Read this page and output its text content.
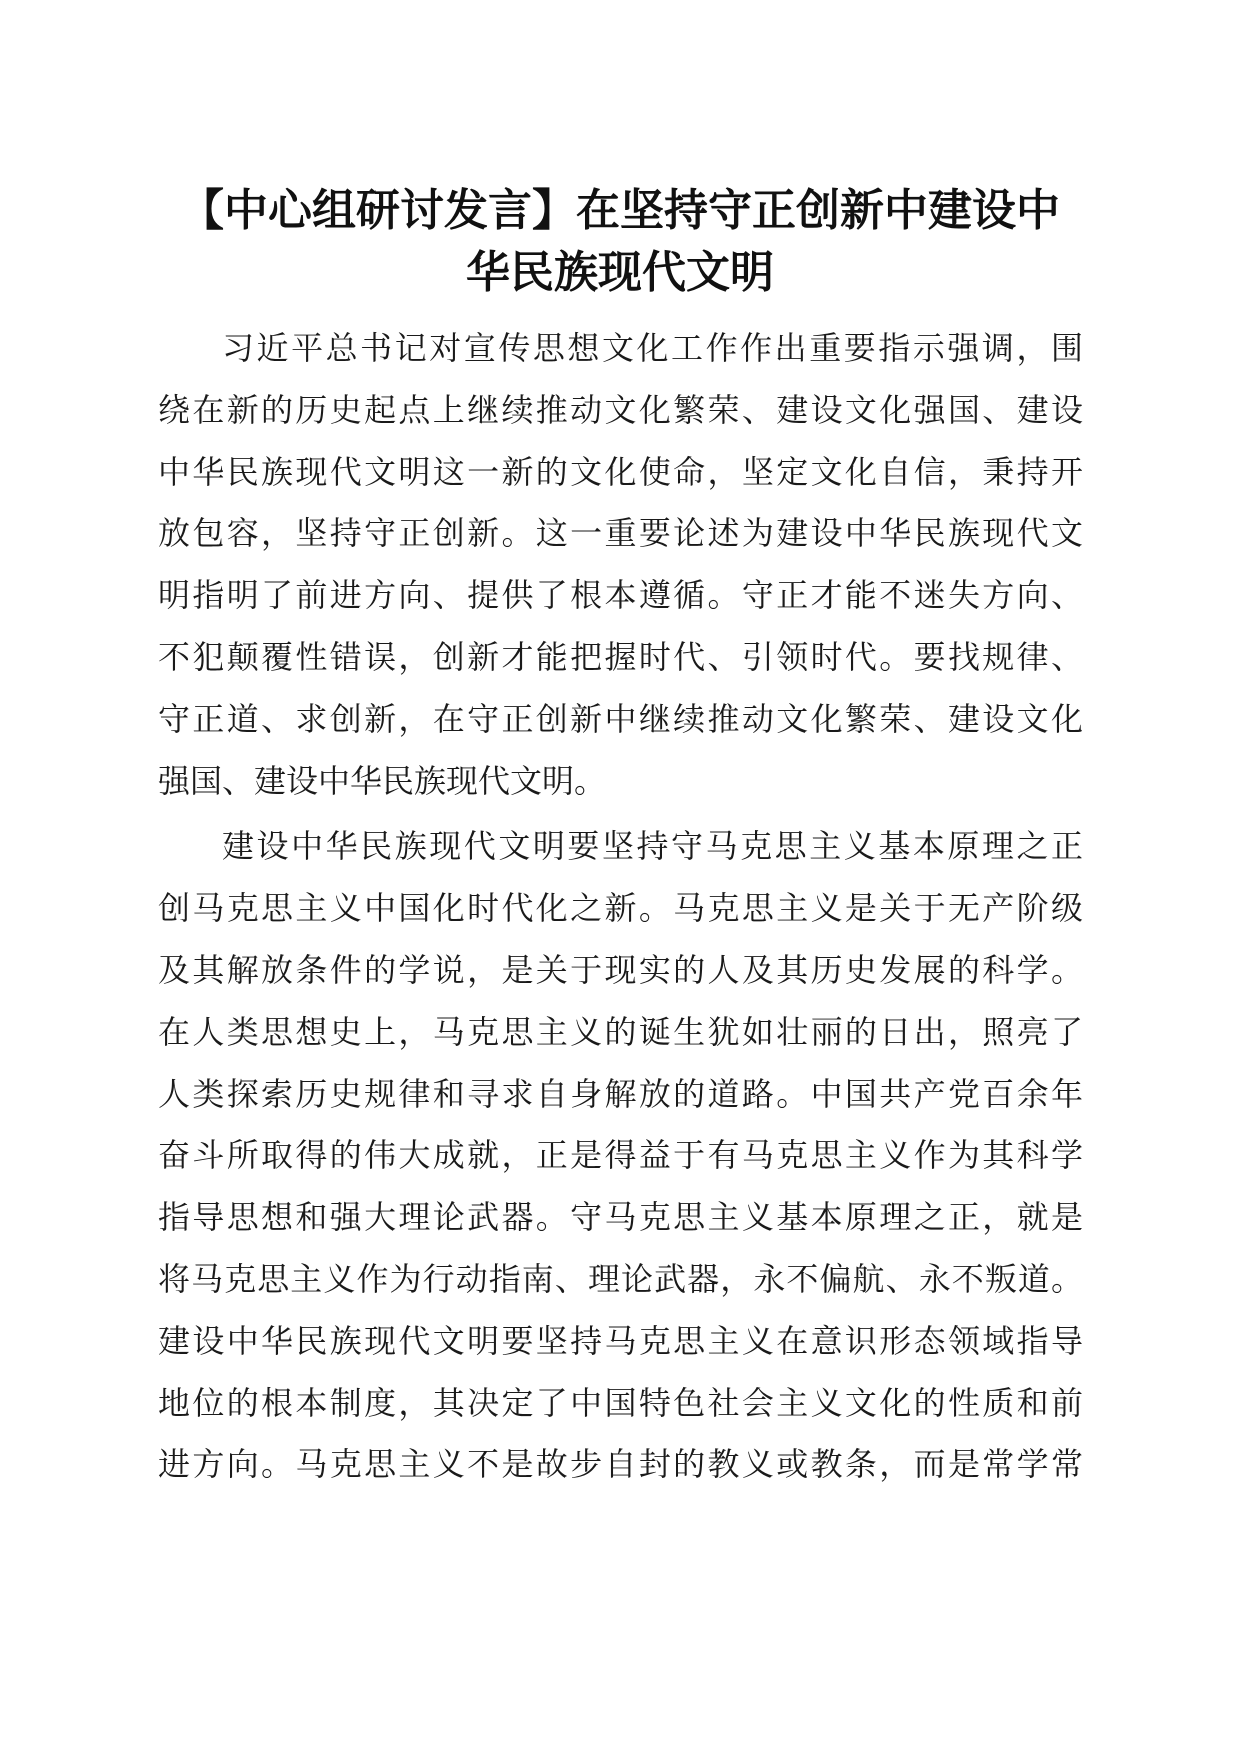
【中心组研讨发言】在坚持守正创新中建设中
华民族现代文明
习近平总书记对宣传思想文化工作作出重要指示强调，围
绕在新的历史起点上继续推动文化繁荣、建设文化强国、建设
中华民族现代文明这一新的文化使命，坚定文化自信，秉持开
放包容，坚持守正创新。这一重要论述为建设中华民族现代文
明指明了前进方向、提供了根本遵循。守正才能不迷失方向、
不犯颠覆性错误，创新才能把握时代、引领时代。要找规律、
守正道、求创新，在守正创新中继续推动文化繁荣、建设文化
强国、建设中华民族现代文明。
建设中华民族现代文明要坚持守马克思主义基本原理之正
创马克思主义中国化时代化之新。马克思主义是关于无产阶级
及其解放条件的学说，是关于现实的人及其历史发展的科学。
在人类思想史上，马克思主义的诞生犹如壮丽的日出，照亮了
人类探索历史规律和寻求自身解放的道路。中国共产党百余年
奋斗所取得的伟大成就，正是得益于有马克思主义作为其科学
指导思想和强大理论武器。守马克思主义基本原理之正，就是
将马克思主义作为行动指南、理论武器，永不偏航、永不叛道。
建设中华民族现代文明要坚持马克思主义在意识形态领域指导
地位的根本制度，其决定了中国特色社会主义文化的性质和前
进方向。马克思主义不是故步自封的教义或教条，而是常学常
